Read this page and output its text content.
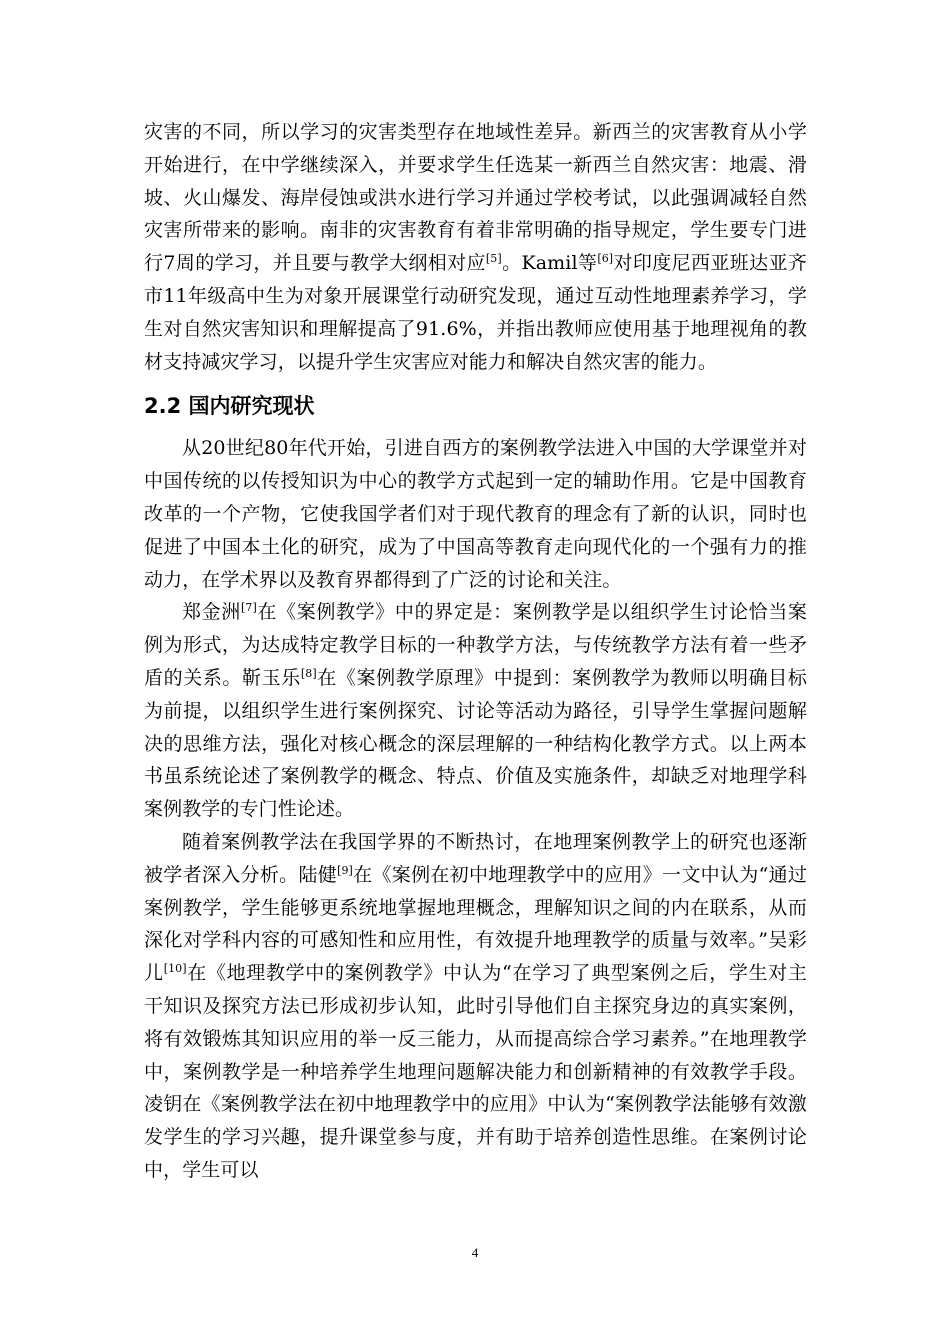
灾害的不同，所以学习的灾害类型存在地域性差异。新西兰的灾害教育从小学开始进行，在中学继续深入，并要求学生任选某一新西兰自然灾害：地震、滑坡、火山爆发、海岸侵蚀或洪水进行学习并通过学校考试，以此强调减轻自然灾害所带来的影响。南非的灾害教育有着非常明确的指导规定，学生要专门进行7周的学习，并且要与教学大纲相对应[5]。Kamil等[6]对印度尼西亚班达亚齐市11年级高中生为对象开展课堂行动研究发现，通过互动性地理素养学习，学生对自然灾害知识和理解提高了91.6%，并指出教师应使用基于地理视角的教材支持减灾学习，以提升学生灾害应对能力和解决自然灾害的能力。

2.2 国内研究现状

从20世纪80年代开始，引进自西方的案例教学法进入中国的大学课堂并对中国传统的以传授知识为中心的教学方式起到一定的辅助作用。它是中国教育改革的一个产物，它使我国学者们对于现代教育的理念有了新的认识，同时也促进了中国本土化的研究，成为了中国高等教育走向现代化的一个强有力的推动力，在学术界以及教育界都得到了广泛的讨论和关注。

郑金洲[7]在《案例教学》中的界定是：案例教学是以组织学生讨论恰当案例为形式，为达成特定教学目标的一种教学方法，与传统教学方法有着一些矛盾的关系。靳玉乐[8]在《案例教学原理》中提到：案例教学为教师以明确目标为前提，以组织学生进行案例探究、讨论等活动为路径，引导学生掌握问题解决的思维方法，强化对核心概念的深层理解的一种结构化教学方式。以上两本书虽系统论述了案例教学的概念、特点、价值及实施条件，却缺乏对地理学科案例教学的专门性论述。

随着案例教学法在我国学界的不断热讨，在地理案例教学上的研究也逐渐被学者深入分析。陆健[9]在《案例在初中地理教学中的应用》一文中认为“通过案例教学，学生能够更系统地掌握地理概念，理解知识之间的内在联系，从而深化对学科内容的可感知性和应用性，有效提升地理教学的质量与效率。”吴彩儿[10]在《地理教学中的案例教学》中认为“在学习了典型案例之后，学生对主干知识及探究方法已形成初步认知，此时引导他们自主探究身边的真实案例，将有效锻炼其知识应用的举一反三能力，从而提高综合学习素养。”在地理教学中，案例教学是一种培养学生地理问题解决能力和创新精神的有效教学手段。凌钥在《案例教学法在初中地理教学中的应用》中认为“案例教学法能够有效激发学生的学习兴趣，提升课堂参与度，并有助于培养创造性思维。在案例讨论中，学生可以

4
